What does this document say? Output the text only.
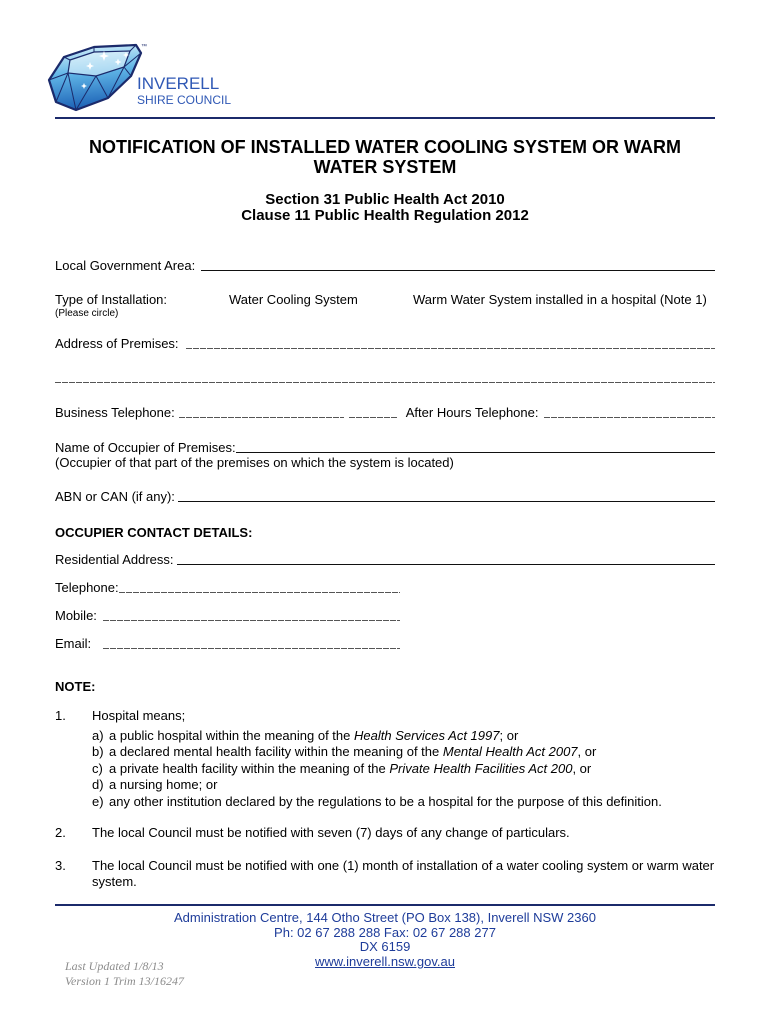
™
INVERELL
SHIRE COUNCIL
NOTIFICATION OF INSTALLED WATER COOLING SYSTEM OR WARM
WATER SYSTEM
Section 31 Public Health Act 2010
Clause 11 Public Health Regulation 2012
Local Government Area:
Type of Installation:
(Please circle)
Water Cooling System	Warm Water System installed in a hospital (Note 1)
Address of Premises:
Business Telephone:	After Hours Telephone:
Name of Occupier of Premises:
(Occupier of that part of the premises on which the system is located)
ABN or CAN (if any):
OCCUPIER CONTACT DETAILS:
Residential Address:
Telephone:
Mobile:
Email:
NOTE:
1. Hospital means;
a) a public hospital within the meaning of the Health Services Act 1997; or
b) a declared mental health facility within the meaning of the Mental Health Act 2007, or
c) a private health facility within the meaning of the Private Health Facilities Act 200, or
d) a nursing home; or
e) any other institution declared by the regulations to be a hospital for the purpose of this definition.
2. The local Council must be notified with seven (7) days of any change of particulars.
3. The local Council must be notified with one (1) month of installation of a water cooling system or warm water
system.
Administration Centre, 144 Otho Street (PO Box 138), Inverell NSW 2360
Ph: 02 67 288 288 Fax: 02 67 288 277
DX 6159
www.inverell.nsw.gov.au
Last Updated 1/8/13
Version 1 Trim 13/16247
